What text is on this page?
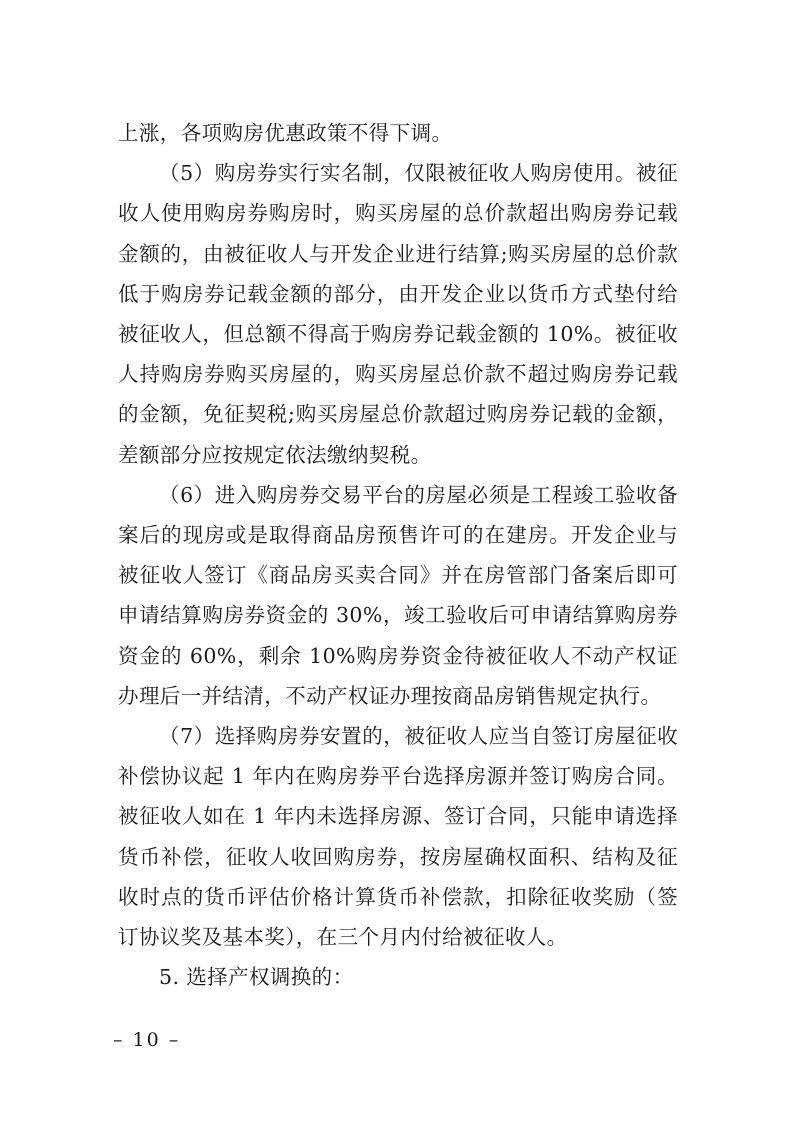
上涨，各项购房优惠政策不得下调。

（5）购房券实行实名制，仅限被征收人购房使用。被征收人使用购房券购房时，购买房屋的总价款超出购房券记载金额的，由被征收人与开发企业进行结算;购买房屋的总价款低于购房券记载金额的部分，由开发企业以货币方式垫付给被征收人，但总额不得高于购房券记载金额的 10%。被征收人持购房券购买房屋的，购买房屋总价款不超过购房券记载的金额，免征契税;购买房屋总价款超过购房券记载的金额，差额部分应按规定依法缴纳契税。

（6）进入购房券交易平台的房屋必须是工程竣工验收备案后的现房或是取得商品房预售许可的在建房。开发企业与被征收人签订《商品房买卖合同》并在房管部门备案后即可申请结算购房券资金的 30%，竣工验收后可申请结算购房券资金的 60%，剩余 10%购房券资金待被征收人不动产权证办理后一并结清，不动产权证办理按商品房销售规定执行。

（7）选择购房券安置的，被征收人应当自签订房屋征收补偿协议起 1 年内在购房券平台选择房源并签订购房合同。被征收人如在 1 年内未选择房源、签订合同，只能申请选择货币补偿，征收人收回购房券，按房屋确权面积、结构及征收时点的货币评估价格计算货币补偿款，扣除征收奖励（签订协议奖及基本奖），在三个月内付给被征收人。

5. 选择产权调换的：

– 10 –
